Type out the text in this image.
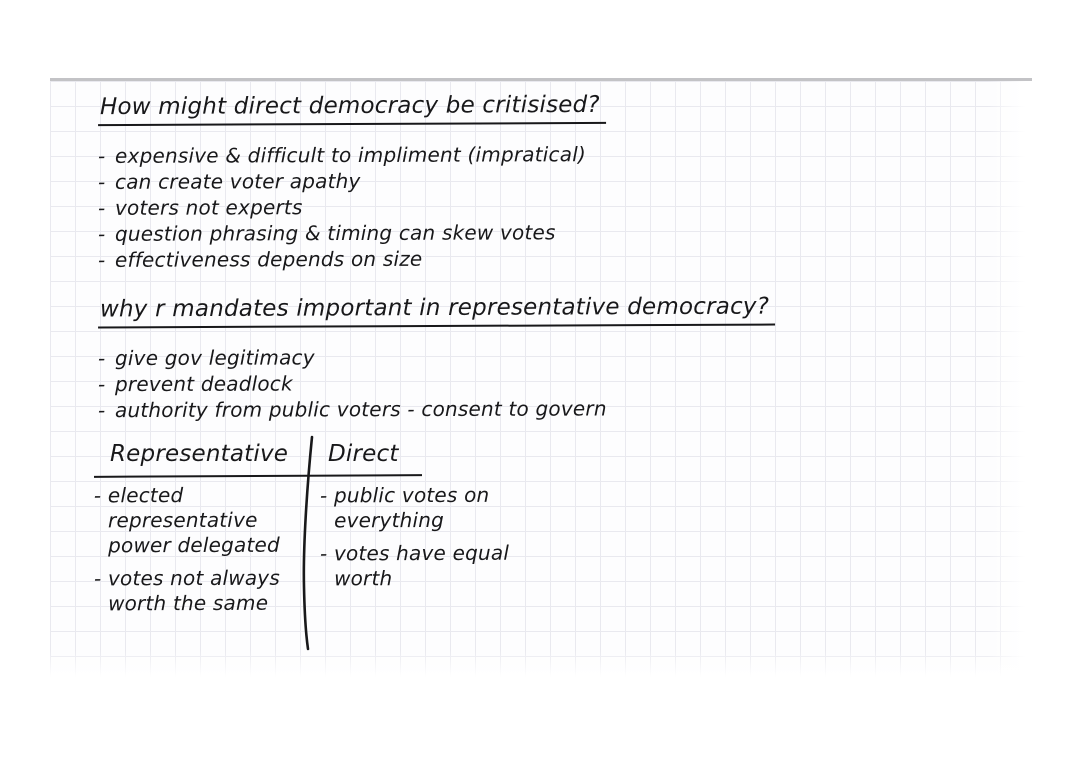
How might direct democracy be critisised?
- expensive & difficult to impliment (impratical)
- can create voter apathy
- voters not experts
- question phrasing & timing can skew votes
- effectiveness depends on size
why r mandates important in representative democracy?
- give gov legitimacy
- prevent deadlock
- authority from public voters - consent to govern
Representative	Direct
- elected representative power delegated
- votes not always worth the same
- public votes on everything
- votes have equal worth
